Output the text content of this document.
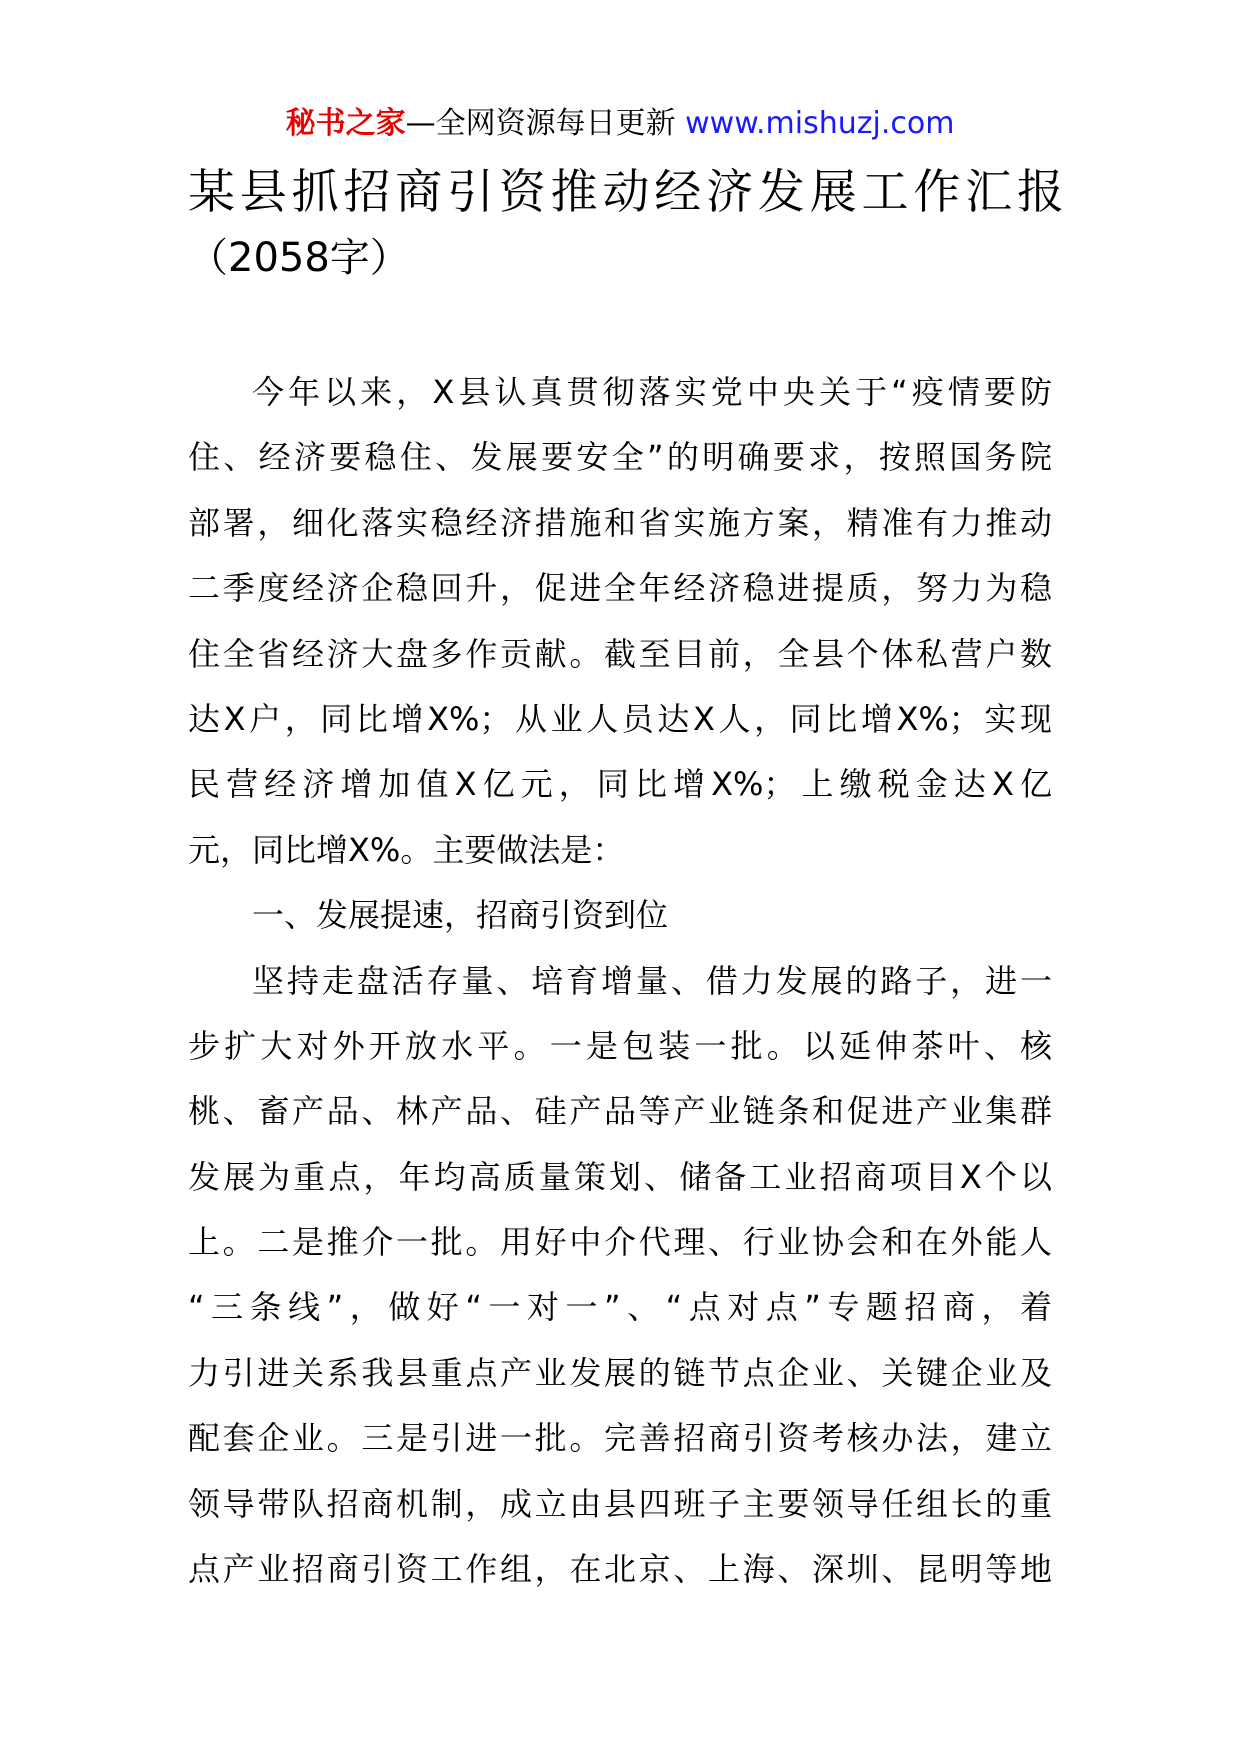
秘书之家—全网资源每日更新 www.mishuzj.com
某县抓招商引资推动经济发展工作汇报
（2058字）
今年以来，X县认真贯彻落实党中央关于“疫情要防
住、经济要稳住、发展要安全”的明确要求，按照国务院
部署，细化落实稳经济措施和省实施方案，精准有力推动
二季度经济企稳回升，促进全年经济稳进提质，努力为稳
住全省经济大盘多作贡献。截至目前，全县个体私营户数
达X户，同比增X%；从业人员达X人，同比增X%；实现
民营经济增加值X亿元，同比增X%；上缴税金达X亿
元，同比增X%。主要做法是：
一、发展提速，招商引资到位
坚持走盘活存量、培育增量、借力发展的路子，进一
步扩大对外开放水平。一是包装一批。以延伸茶叶、核
桃、畜产品、林产品、硅产品等产业链条和促进产业集群
发展为重点，年均高质量策划、储备工业招商项目X个以
上。二是推介一批。用好中介代理、行业协会和在外能人
“三条线”，做好“一对一”、“点对点”专题招商，着
力引进关系我县重点产业发展的链节点企业、关键企业及
配套企业。三是引进一批。完善招商引资考核办法，建立
领导带队招商机制，成立由县四班子主要领导任组长的重
点产业招商引资工作组，在北京、上海、深圳、昆明等地
